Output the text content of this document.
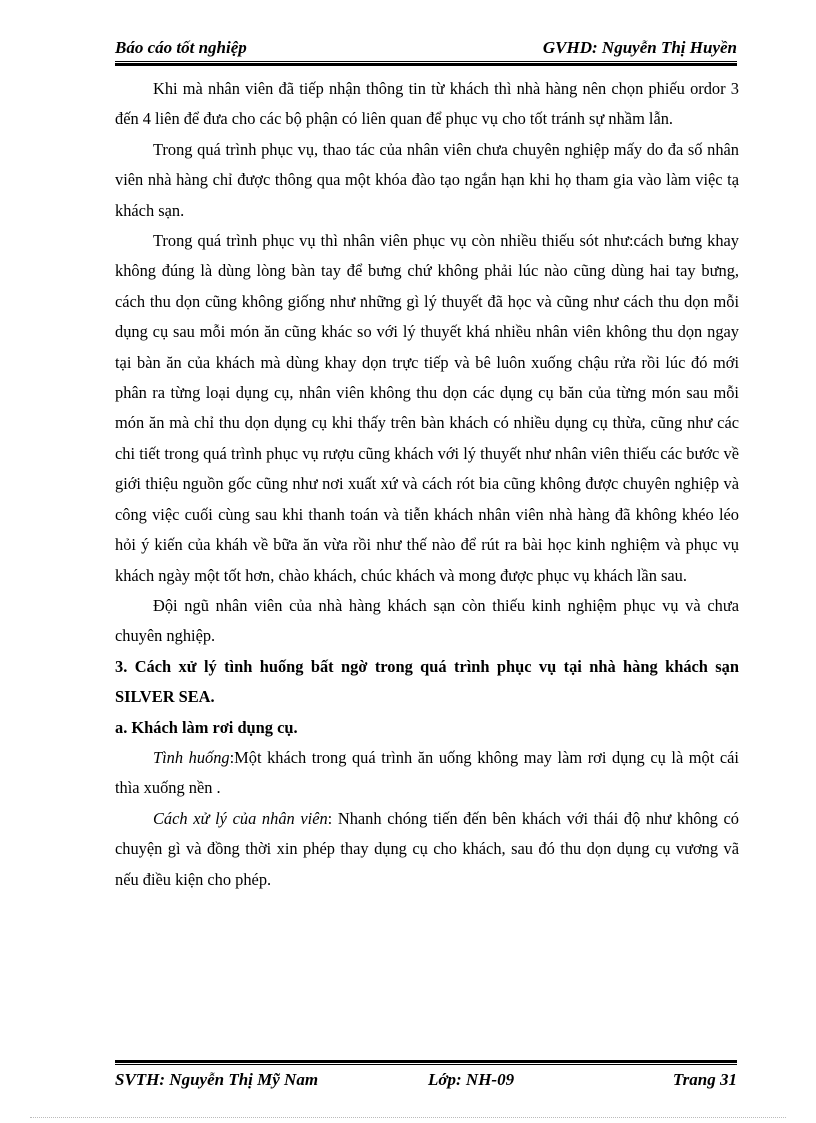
Báo cáo tốt nghiệp	GVHD: Nguyễn Thị Huyền

Khi mà nhân viên đã tiếp nhận thông tin từ khách thì nhà hàng nên chọn phiếu ordor 3 đến 4 liên để đưa cho các bộ phận có liên quan để phục vụ cho tốt tránh sự nhầm lẫn.

Trong quá trình phục vụ, thao tác của nhân viên chưa chuyên nghiệp mấy do đa số nhân viên nhà hàng chỉ được thông qua một khóa đào tạo ngắn hạn khi họ tham gia vào làm việc tạ khách sạn.

Trong quá trình phục vụ thì nhân viên phục vụ còn nhiều thiếu sót như:cách bưng khay không đúng là dùng lòng bàn tay để bưng chứ không phải lúc nào cũng dùng hai tay bưng, cách thu dọn cũng không giống như những gì lý thuyết đã học và cũng như cách thu dọn mỗi dụng cụ sau mỗi món ăn cũng khác so với lý thuyết khá nhiều nhân viên không thu dọn ngay tại bàn ăn của khách mà dùng khay dọn trực tiếp và bê luôn xuống chậu rửa rồi lúc đó mới phân ra từng loại dụng cụ, nhân viên không thu dọn các dụng cụ băn của từng món sau mỗi món ăn mà chỉ thu dọn dụng cụ khi thấy trên bàn khách có nhiều dụng cụ thừa, cũng như các chi tiết trong quá trình phục vụ rượu cũng khách với lý thuyết như nhân viên thiếu các bước về giới thiệu nguồn gốc cũng như nơi xuất xứ và cách rót bia cũng không được chuyên nghiệp và công việc cuối cùng sau khi thanh toán và tiễn khách nhân viên nhà hàng đã không khéo léo hỏi ý kiến của kháh về bữa ăn vừa rồi như thế nào để rút ra bài học kinh nghiệm và phục vụ khách ngày một tốt hơn, chào khách, chúc khách và mong được phục vụ khách lần sau.

Đội ngũ nhân viên của nhà hàng khách sạn còn thiếu kinh nghiệm phục vụ và chưa chuyên nghiệp.

3. Cách xử lý tình huống bất ngờ trong quá trình phục vụ tại nhà hàng khách sạn SILVER SEA.

a. Khách làm rơi dụng cụ.

Tình huống:Một khách trong quá trình ăn uống không may làm rơi dụng cụ là một cái thìa xuống nền .

Cách xử lý của nhân viên: Nhanh chóng tiến đến bên khách với thái độ như không có chuyện gì và đồng thời xin phép thay dụng cụ cho khách, sau đó thu dọn dụng cụ vương vã nếu điều kiện cho phép.

SVTH: Nguyễn Thị Mỹ Nam	Lớp: NH-09	Trang 31
